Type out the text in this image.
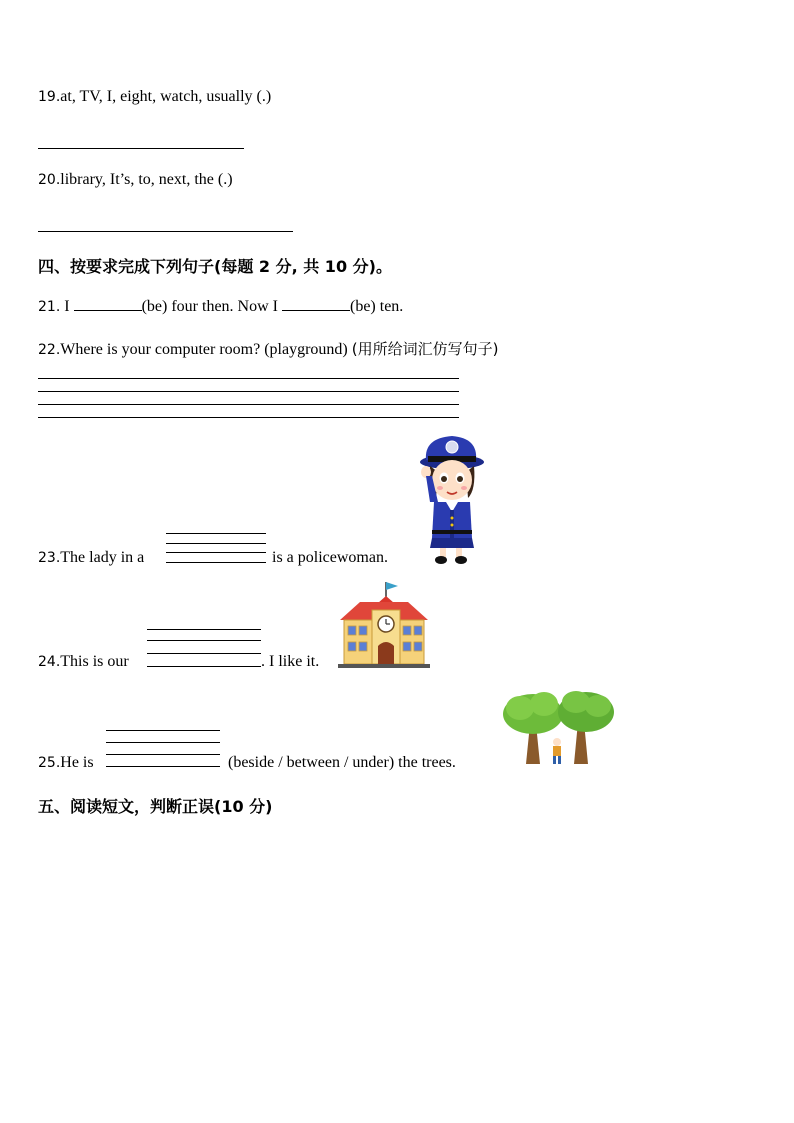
19.at, TV, I, eight, watch, usually (.)
20.library, It’s, to, next, the (.)
四、按要求完成下列句子(每题 2 分, 共 10 分)。
21. I	(be) four then. Now I	(be) ten.
22.Where is your computer room? (playground) (用所给词汇仿写句子)
23.The lady in a	is a policewoman.
24.This is our	. I like it.
25.He is	(beside / between / under) the trees.
五、阅读短文，判断正误(10 分)
